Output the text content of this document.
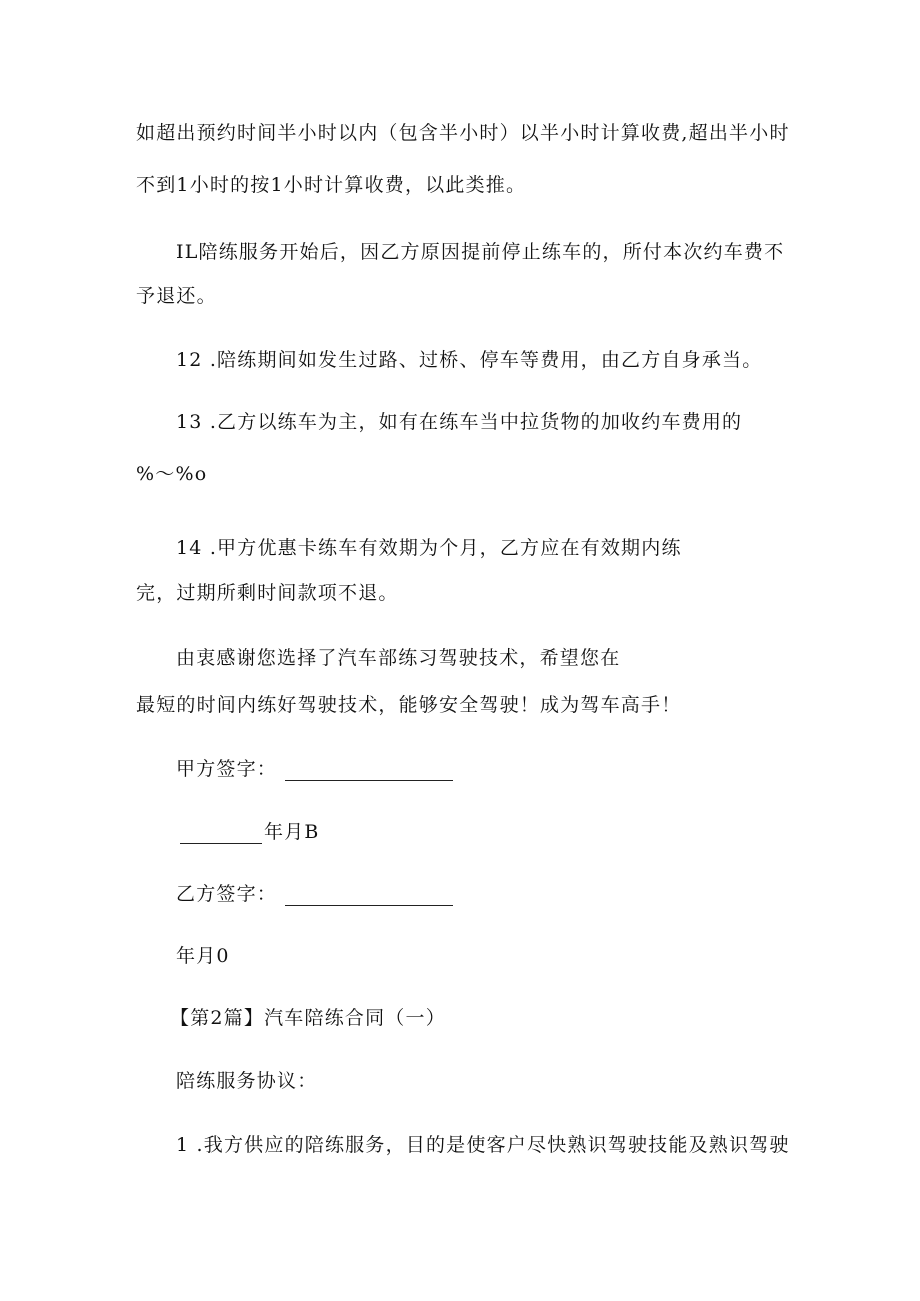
如超出预约时间半小时以内（包含半小时）以半小时计算收费,超出半小时
不到1小时的按1小时计算收费，以此类推。
IL陪练服务开始后，因乙方原因提前停止练车的，所付本次约车费不
予退还。
12 .陪练期间如发生过路、过桥、停车等费用，由乙方自身承当。
13 .乙方以练车为主，如有在练车当中拉货物的加收约车费用的
%～%o
14 .甲方优惠卡练车有效期为个月，乙方应在有效期内练
完，过期所剩时间款项不退。
由衷感谢您选择了汽车部练习驾驶技术，希望您在
最短的时间内练好驾驶技术，能够安全驾驶！成为驾车高手！
甲方签字：
年月B
乙方签字：
年月0
【第2篇】汽车陪练合同（一）
陪练服务协议：
1 .我方供应的陪练服务，目的是使客户尽快熟识驾驶技能及熟识驾驶
